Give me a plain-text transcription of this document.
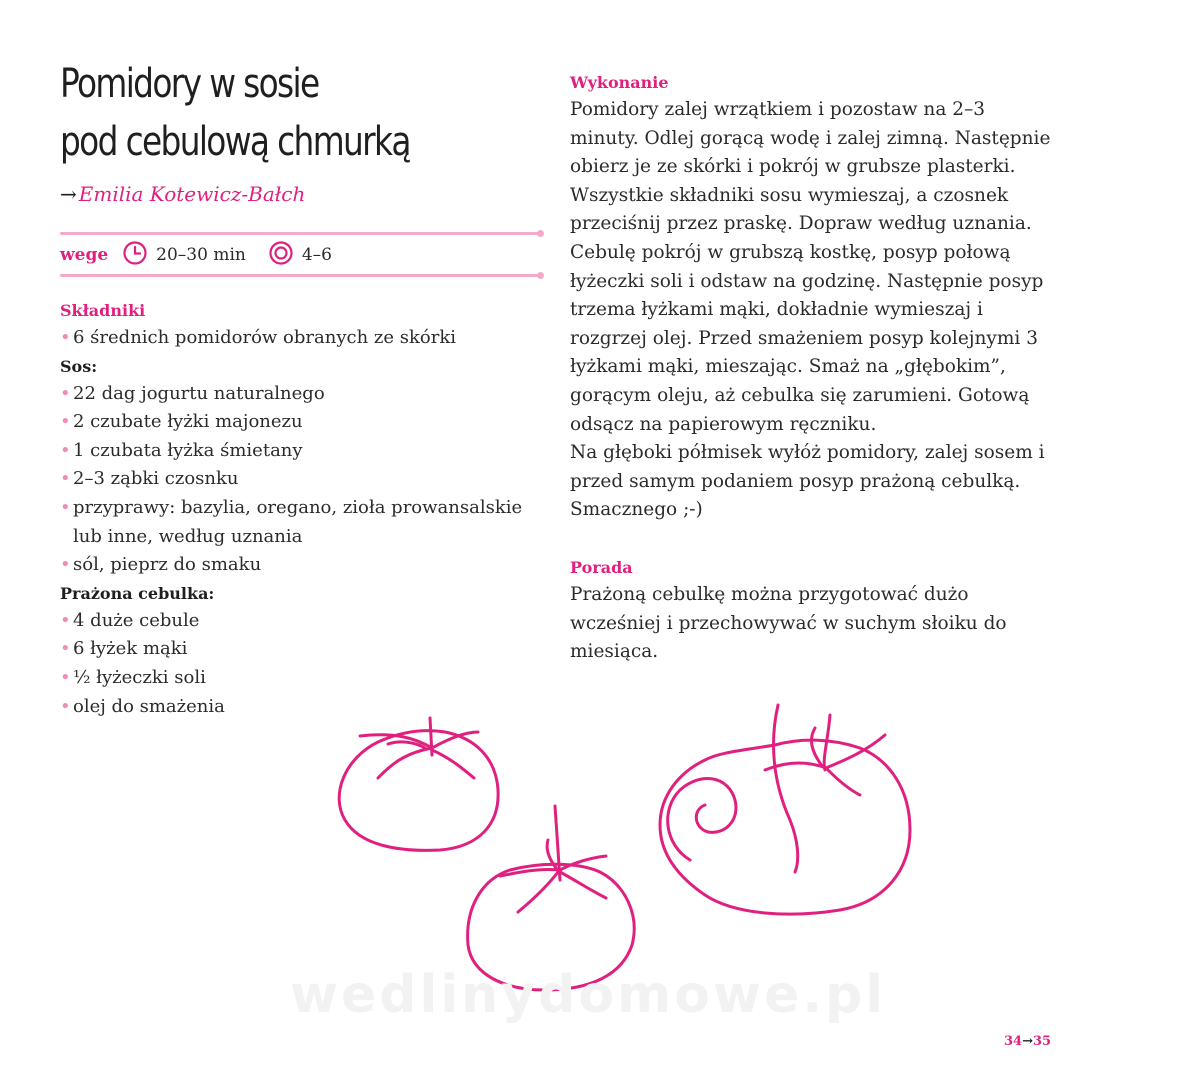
Pomidory w sosie
pod cebulową chmurką
→ Emilia Kotewicz-Bałch
wege	20–30 min	4–6
Składniki
• 6 średnich pomidorów obranych ze skórki
Sos:
• 22 dag jogurtu naturalnego
• 2 czubate łyżki majonezu
• 1 czubata łyżka śmietany
• 2–3 ząbki czosnku
• przyprawy: bazylia, oregano, zioła prowansalskie lub inne, według uznania
• sól, pieprz do smaku
Prażona cebulka:
• 4 duże cebule
• 6 łyżek mąki
• ½ łyżeczki soli
• olej do smażenia
Wykonanie

Pomidory zalej wrzątkiem i pozostaw na 2–3 minuty. Odlej gorącą wodę i zalej zimną. Następnie obierz je ze skórki i pokrój w grubsze plasterki.

Wszystkie składniki sosu wymieszaj, a czosnek przeciśnij przez praskę. Dopraw według uznania.

Cebulę pokrój w grubszą kostkę, posyp połową łyżeczki soli i odstaw na godzinę. Następnie posyp trzema łyżkami mąki, dokładnie wymieszaj i rozgrzej olej. Przed smażeniem posyp kolejnymi 3 łyżkami mąki, mieszając. Smaż na „głębokim”, gorącym oleju, aż cebulka się zarumieni. Gotową odsącz na papierowym ręczniku.

Na głęboki półmisek wyłóż pomidory, zalej sosem i przed samym podaniem posyp prażoną cebulką.

Smacznego ;-)

Porada

Prażoną cebulkę można przygotować dużo wcześniej i przechowywać w suchym słoiku do miesiąca.

wedlinydomowe.pl
34→35
